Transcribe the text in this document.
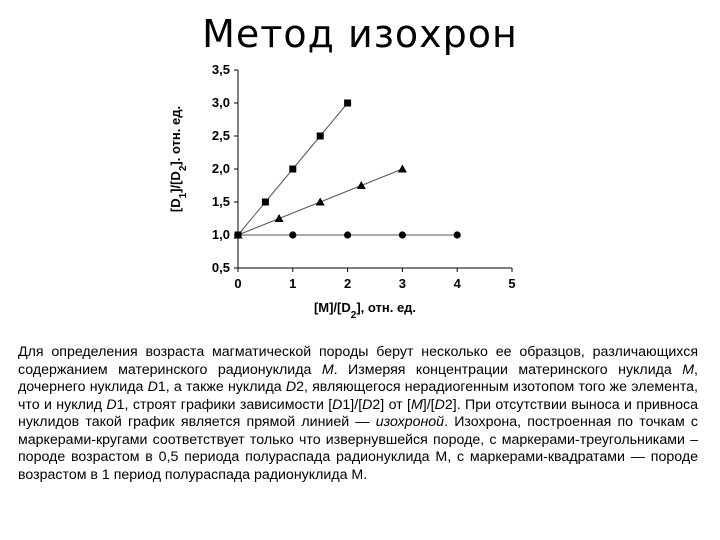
Метод изохрон
0,5
1,0
1,5
2,0
2,5
3,0
3,5
0	1	2	3	4	5
$[M]/[D_2]$, отн. ед.
$[D_1]/[D_2]$. отн. ед.

Для определения возраста магматической породы берут несколько ее образцов, различающихся содержанием материнского радионуклида M. Измеряя концентрации материнского нуклида M, дочернего нуклида D1, а также нуклида D2, являющегося нерадиогенным изотопом того же элемента, что и нуклид D1, строят графики зависимости [D1]/[D2] от [M]/[D2]. При отсутствии выноса и привноса нуклидов такой график является прямой линией — изохроной. Изохрона, построенная по точкам с маркерами-кругами соответствует только что извернувшейся породе, с маркерами-треугольниками – породе возрастом в 0,5 периода полураспада радионуклида М, с маркерами-квадратами — породе возрастом в 1 период полураспада радионуклида М.
